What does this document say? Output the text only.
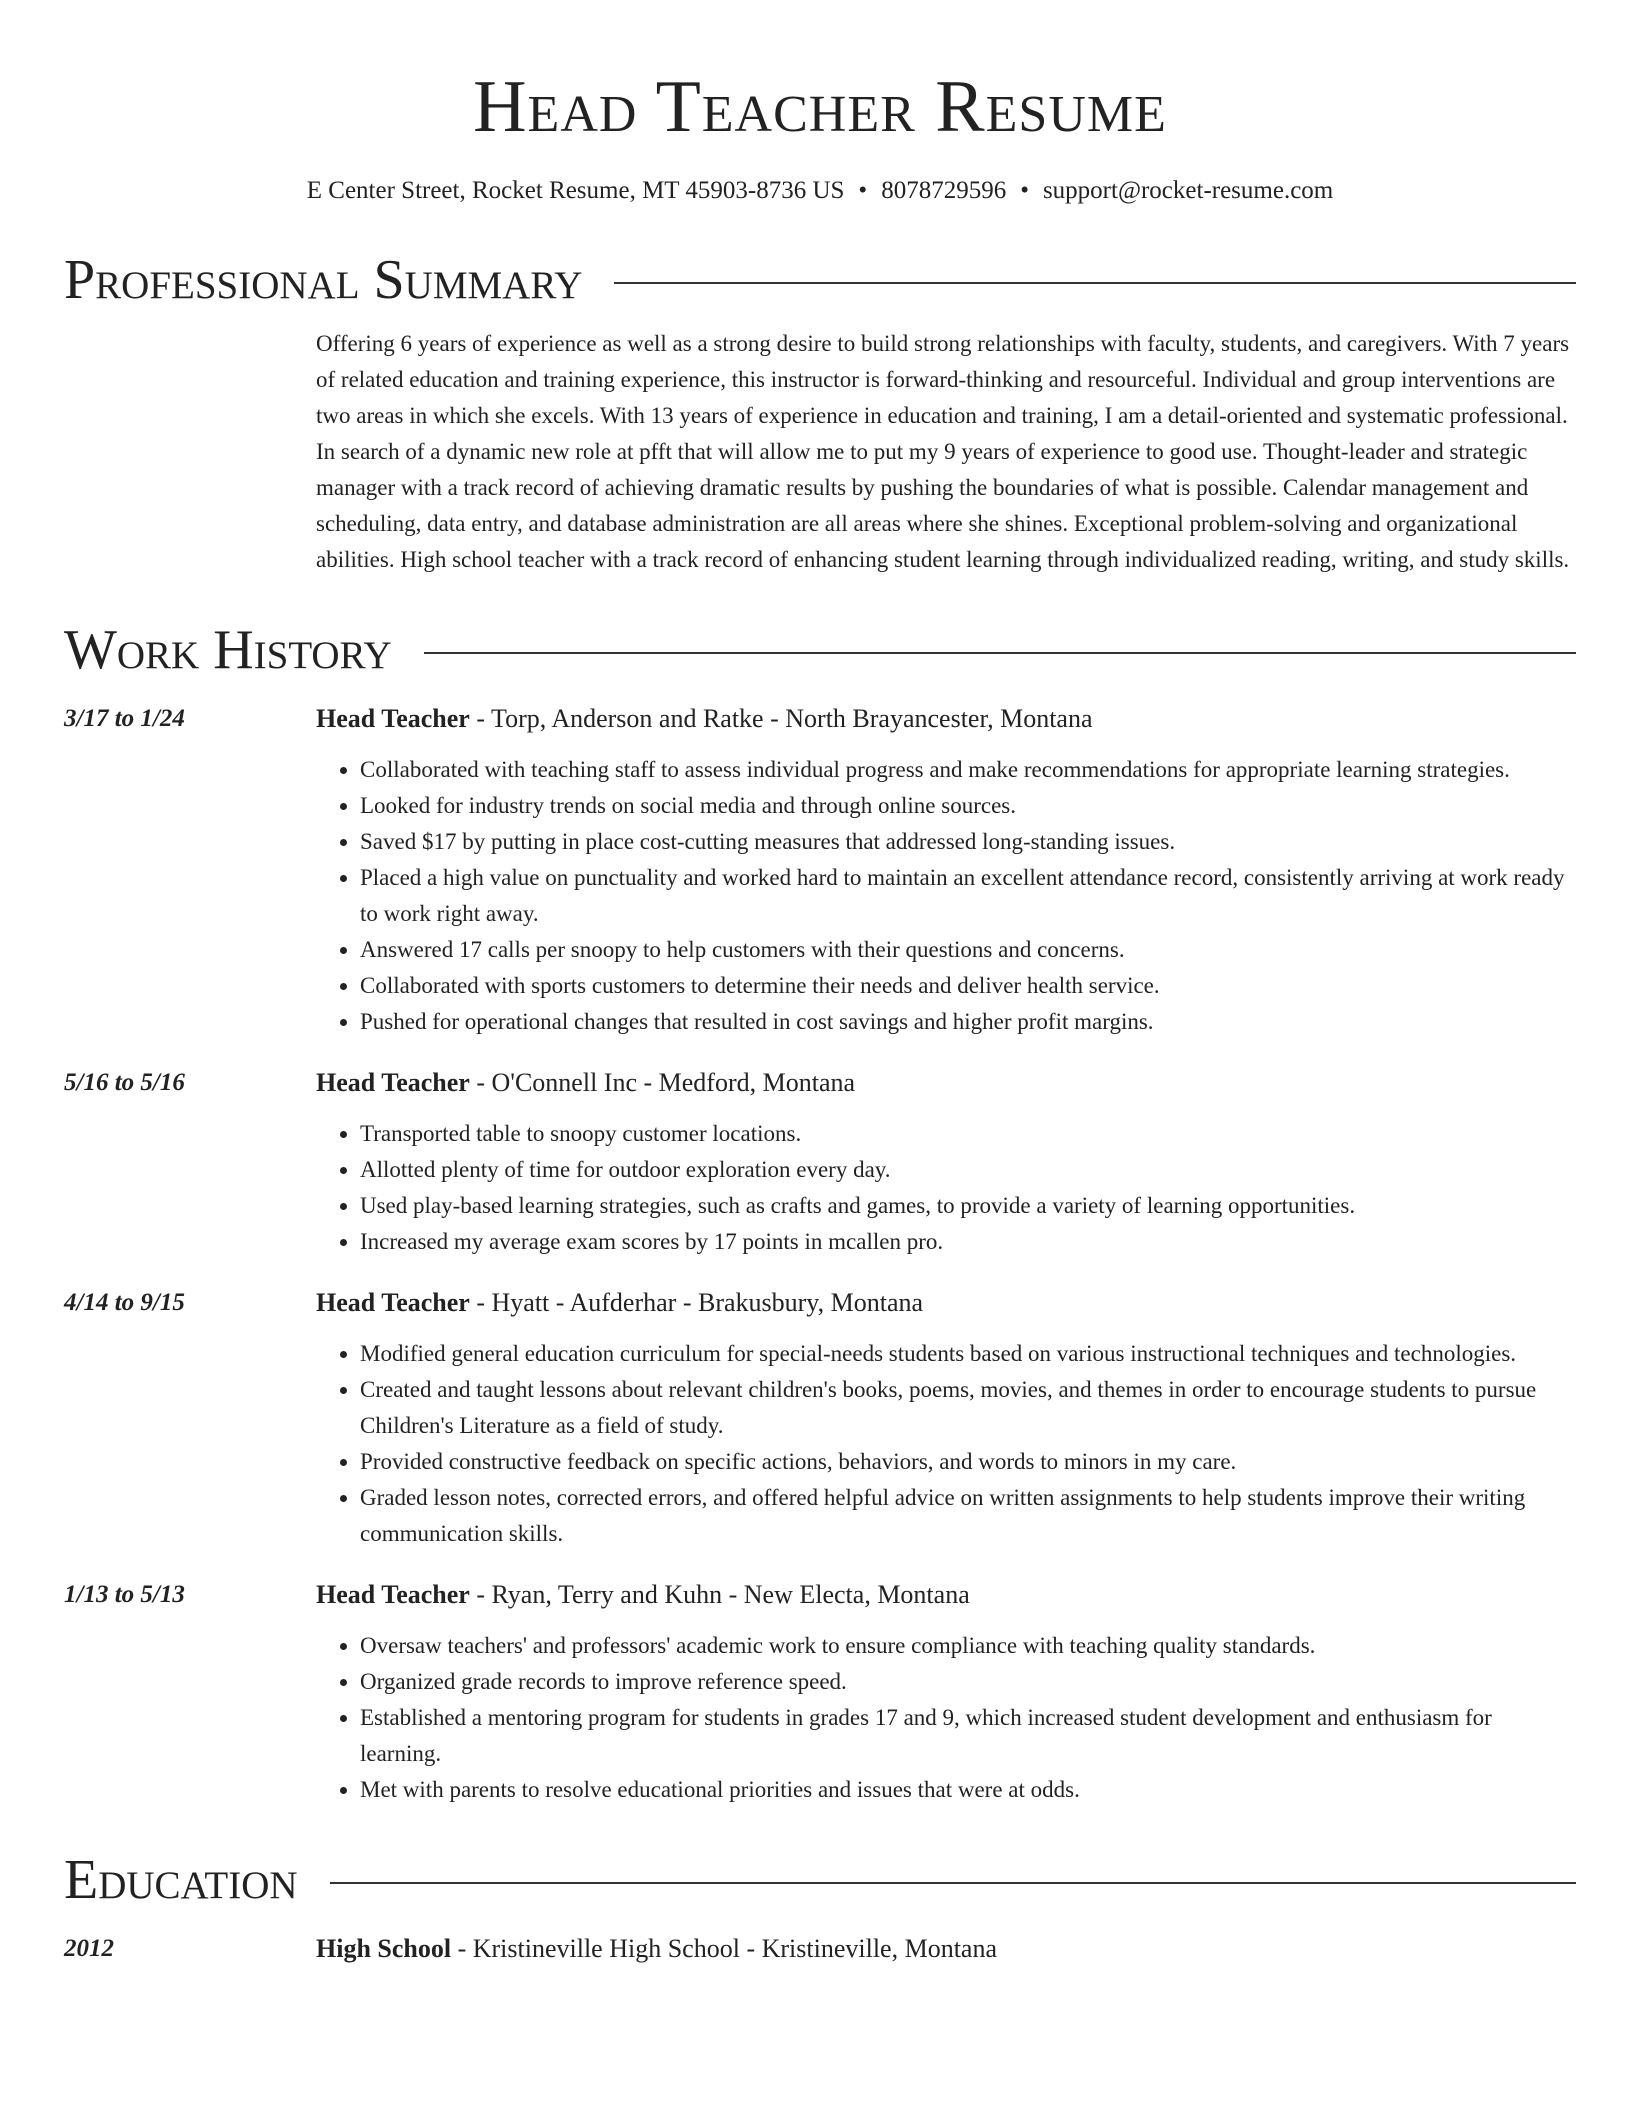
Head Teacher Resume
E Center Street, Rocket Resume, MT 45903-8736 US • 8078729596 • support@rocket-resume.com
Professional Summary
Offering 6 years of experience as well as a strong desire to build strong relationships with faculty, students, and caregivers. With 7 years of related education and training experience, this instructor is forward-thinking and resourceful. Individual and group interventions are two areas in which she excels. With 13 years of experience in education and training, I am a detail-oriented and systematic professional. In search of a dynamic new role at pfft that will allow me to put my 9 years of experience to good use. Thought-leader and strategic manager with a track record of achieving dramatic results by pushing the boundaries of what is possible. Calendar management and scheduling, data entry, and database administration are all areas where she shines. Exceptional problem-solving and organizational abilities. High school teacher with a track record of enhancing student learning through individualized reading, writing, and study skills.
Work History
3/17 to 1/24	Head Teacher - Torp, Anderson and Ratke - North Brayancester, Montana
• Collaborated with teaching staff to assess individual progress and make recommendations for appropriate learning strategies.
• Looked for industry trends on social media and through online sources.
• Saved $17 by putting in place cost-cutting measures that addressed long-standing issues.
• Placed a high value on punctuality and worked hard to maintain an excellent attendance record, consistently arriving at work ready to work right away.
• Answered 17 calls per snoopy to help customers with their questions and concerns.
• Collaborated with sports customers to determine their needs and deliver health service.
• Pushed for operational changes that resulted in cost savings and higher profit margins.
5/16 to 5/16	Head Teacher - O'Connell Inc - Medford, Montana
• Transported table to snoopy customer locations.
• Allotted plenty of time for outdoor exploration every day.
• Used play-based learning strategies, such as crafts and games, to provide a variety of learning opportunities.
• Increased my average exam scores by 17 points in mcallen pro.
4/14 to 9/15	Head Teacher - Hyatt - Aufderhar - Brakusbury, Montana
• Modified general education curriculum for special-needs students based on various instructional techniques and technologies.
• Created and taught lessons about relevant children's books, poems, movies, and themes in order to encourage students to pursue Children's Literature as a field of study.
• Provided constructive feedback on specific actions, behaviors, and words to minors in my care.
• Graded lesson notes, corrected errors, and offered helpful advice on written assignments to help students improve their writing communication skills.
1/13 to 5/13	Head Teacher - Ryan, Terry and Kuhn - New Electa, Montana
• Oversaw teachers' and professors' academic work to ensure compliance with teaching quality standards.
• Organized grade records to improve reference speed.
• Established a mentoring program for students in grades 17 and 9, which increased student development and enthusiasm for learning.
• Met with parents to resolve educational priorities and issues that were at odds.
Education
2012	High School - Kristineville High School - Kristineville, Montana
